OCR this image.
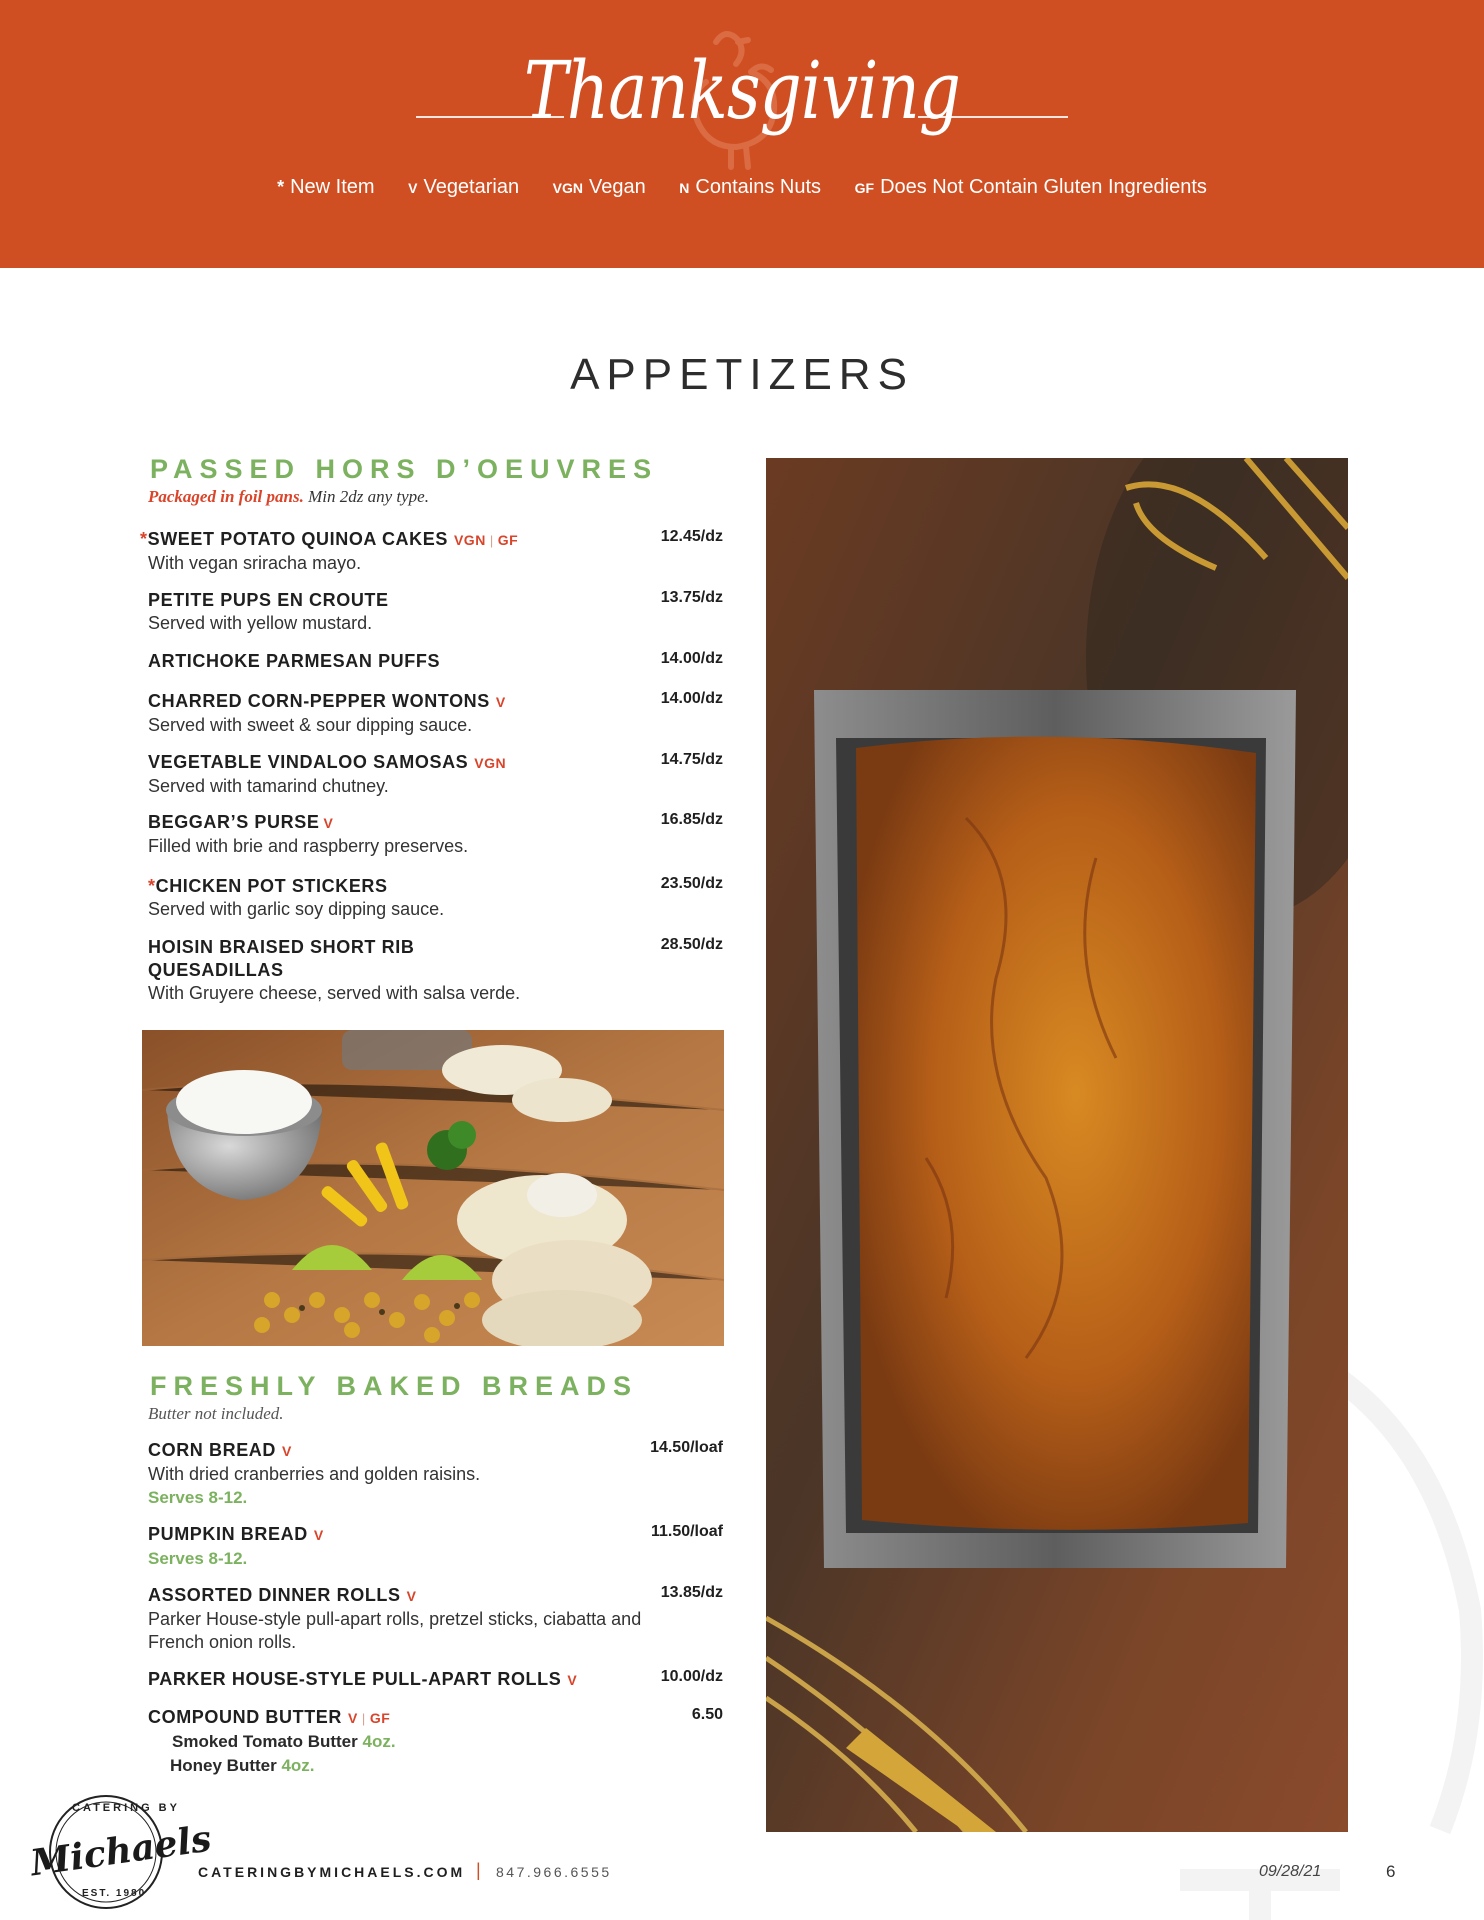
Thanksgiving
* New Item V Vegetarian VGN Vegan N Contains Nuts GF Does Not Contain Gluten Ingredients
APPETIZERS
PASSED HORS D’OEUVRES
Packaged in foil pans. Min 2dz any type.
*SWEET POTATO QUINOA CAKES VGN | GF
With vegan sriracha mayo.
12.45/dz
PETITE PUPS EN CROUTE
Served with yellow mustard.
13.75/dz
ARTICHOKE PARMESAN PUFFS	14.00/dz
CHARRED CORN-PEPPER WONTONS V
Served with sweet & sour dipping sauce.
14.00/dz
VEGETABLE VINDALOO SAMOSAS VGN
Served with tamarind chutney.
14.75/dz
BEGGAR’S PURSE V
Filled with brie and raspberry preserves.
16.85/dz
*CHICKEN POT STICKERS
Served with garlic soy dipping sauce.
23.50/dz
HOISIN BRAISED SHORT RIB
QUESADILLAS
With Gruyere cheese, served with salsa verde.
28.50/dz
FRESHLY BAKED BREADS
Butter not included.
CORN BREAD V
With dried cranberries and golden raisins.
Serves 8-12.
14.50/loaf
PUMPKIN BREAD V
Serves 8-12.
11.50/loaf
ASSORTED DINNER ROLLS V
Parker House-style pull-apart rolls, pretzel sticks, ciabatta and
French onion rolls.
13.85/dz
PARKER HOUSE-STYLE PULL-APART ROLLS V	10.00/dz
COMPOUND BUTTER V | GF
Smoked Tomato Butter 4oz.
Honey Butter 4oz.
6.50
CATERING BY
Michaels
EST. 1980
CATERINGBYMICHAELS.COM | 847.966.6555	09/28/21	6
